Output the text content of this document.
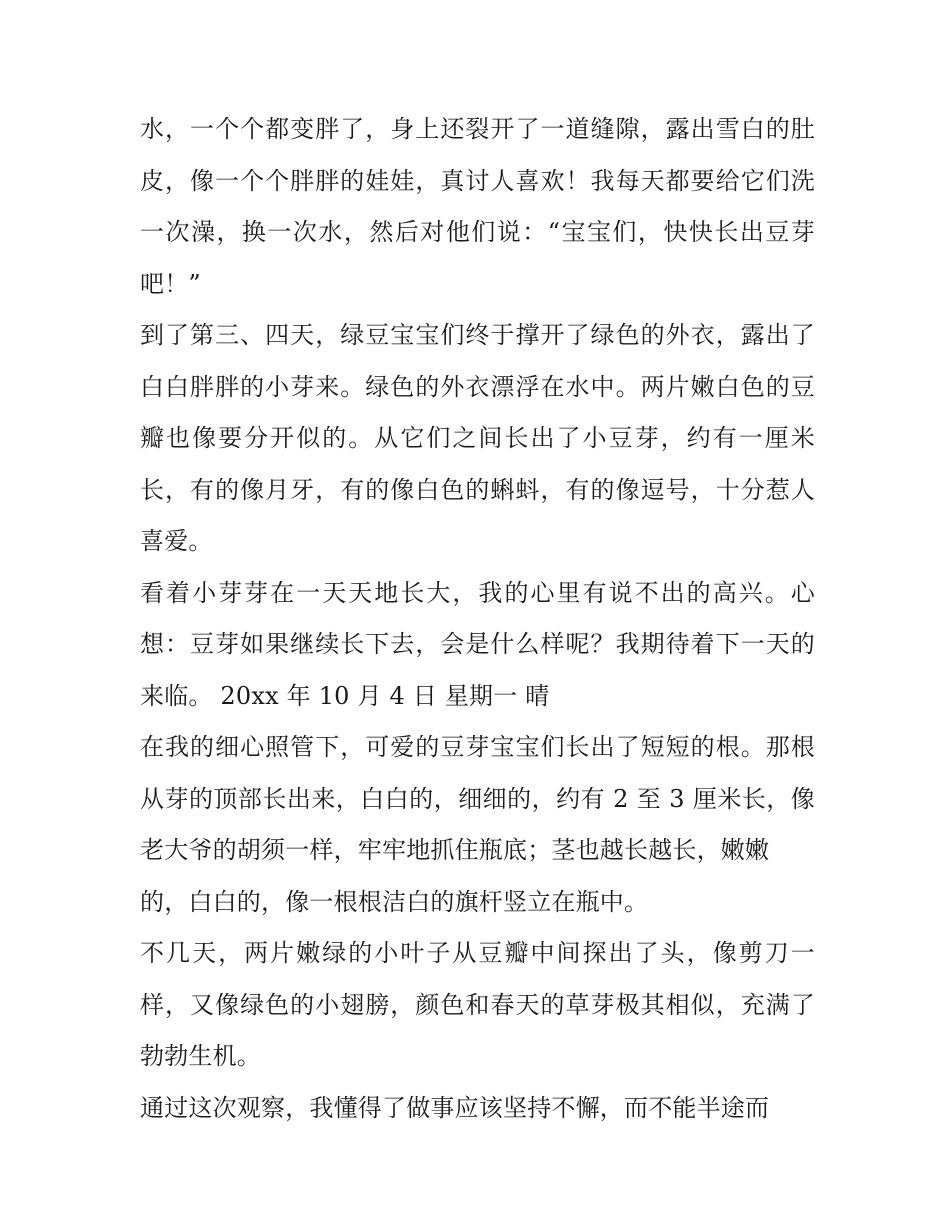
水，一个个都变胖了，身上还裂开了一道缝隙，露出雪白的肚
皮，像一个个胖胖的娃娃，真讨人喜欢！我每天都要给它们洗
一次澡，换一次水，然后对他们说：“宝宝们，快快长出豆芽
吧！”
到了第三、四天，绿豆宝宝们终于撑开了绿色的外衣，露出了
白白胖胖的小芽来。绿色的外衣漂浮在水中。两片嫩白色的豆
瓣也像要分开似的。从它们之间长出了小豆芽，约有一厘米
长，有的像月牙，有的像白色的蝌蚪，有的像逗号，十分惹人
喜爱。
看着小芽芽在一天天地长大，我的心里有说不出的高兴。心
想：豆芽如果继续长下去，会是什么样呢？我期待着下一天的
来临。 20xx 年 10 月 4 日 星期一 晴
在我的细心照管下，可爱的豆芽宝宝们长出了短短的根。那根
从芽的顶部长出来，白白的，细细的，约有 2 至 3 厘米长，像
老大爷的胡须一样，牢牢地抓住瓶底；茎也越长越长，嫩嫩
的，白白的，像一根根洁白的旗杆竖立在瓶中。
不几天，两片嫩绿的小叶子从豆瓣中间探出了头，像剪刀一
样，又像绿色的小翅膀，颜色和春天的草芽极其相似，充满了
勃勃生机。
通过这次观察，我懂得了做事应该坚持不懈，而不能半途而
